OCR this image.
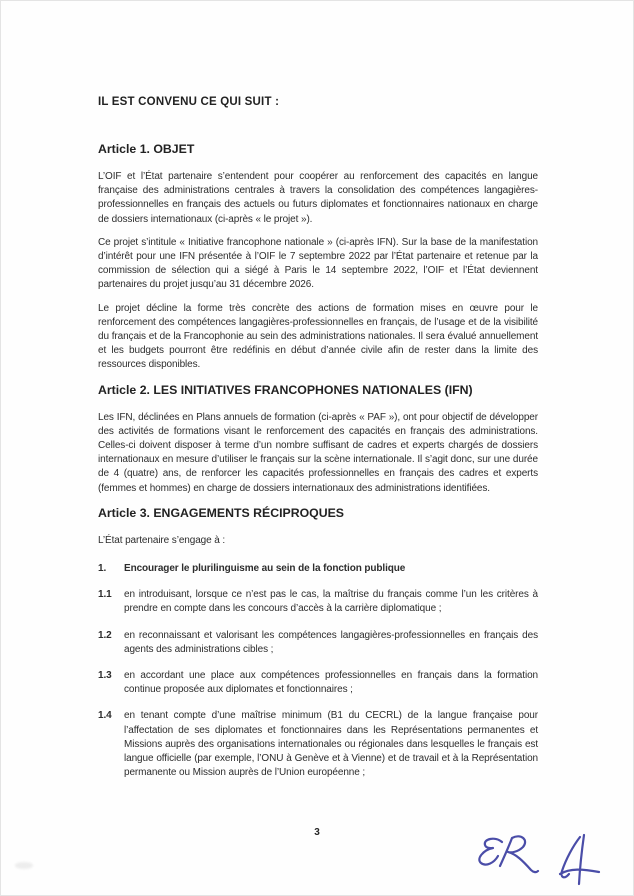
IL EST CONVENU CE QUI SUIT :
Article 1. OBJET

L’OIF et l’État partenaire s’entendent pour coopérer au renforcement des capacités en langue française des administrations centrales à travers la consolidation des compétences langagières-professionnelles en français des actuels ou futurs diplomates et fonctionnaires nationaux en charge de dossiers internationaux (ci-après « le projet »).

Ce projet s’intitule « Initiative francophone nationale » (ci-après IFN). Sur la base de la manifestation d’intérêt pour une IFN présentée à l’OIF le 7 septembre 2022 par l’État partenaire et retenue par la commission de sélection qui a siégé à Paris le 14 septembre 2022, l’OIF et l’État deviennent partenaires du projet jusqu’au 31 décembre 2026.

Le projet décline la forme très concrète des actions de formation mises en œuvre pour le renforcement des compétences langagières-professionnelles en français, de l’usage et de la visibilité du français et de la Francophonie au sein des administrations nationales. Il sera évalué annuellement et les budgets pourront être redéfinis en début d’année civile afin de rester dans la limite des ressources disponibles.

Article 2. LES INITIATIVES FRANCOPHONES NATIONALES (IFN)

Les IFN, déclinées en Plans annuels de formation (ci-après « PAF »), ont pour objectif de développer des activités de formations visant le renforcement des capacités en français des administrations. Celles-ci doivent disposer à terme d’un nombre suffisant de cadres et experts chargés de dossiers internationaux en mesure d’utiliser le français sur la scène internationale. Il s’agit donc, sur une durée de 4 (quatre) ans, de renforcer les capacités professionnelles en français des cadres et experts (femmes et hommes) en charge de dossiers internationaux des administrations identifiées.

Article 3. ENGAGEMENTS RÉCIPROQUES

L’État partenaire s’engage à :

1.	Encourager le plurilinguisme au sein de la fonction publique
1.1	en introduisant, lorsque ce n’est pas le cas, la maîtrise du français comme l’un les critères à prendre en compte dans les concours d’accès à la carrière diplomatique ;
1.2	en reconnaissant et valorisant les compétences langagières-professionnelles en français des agents des administrations cibles ;
1.3	en accordant une place aux compétences professionnelles en français dans la formation continue proposée aux diplomates et fonctionnaires ;
1.4	en tenant compte d’une maîtrise minimum (B1 du CECRL) de la langue française pour l’affectation de ses diplomates et fonctionnaires dans les Représentations permanentes et Missions auprès des organisations internationales ou régionales dans lesquelles le français est langue officielle (par exemple, l’ONU à Genève et à Vienne) et de travail et à la Représentation permanente ou Mission auprès de l’Union européenne ;
3
